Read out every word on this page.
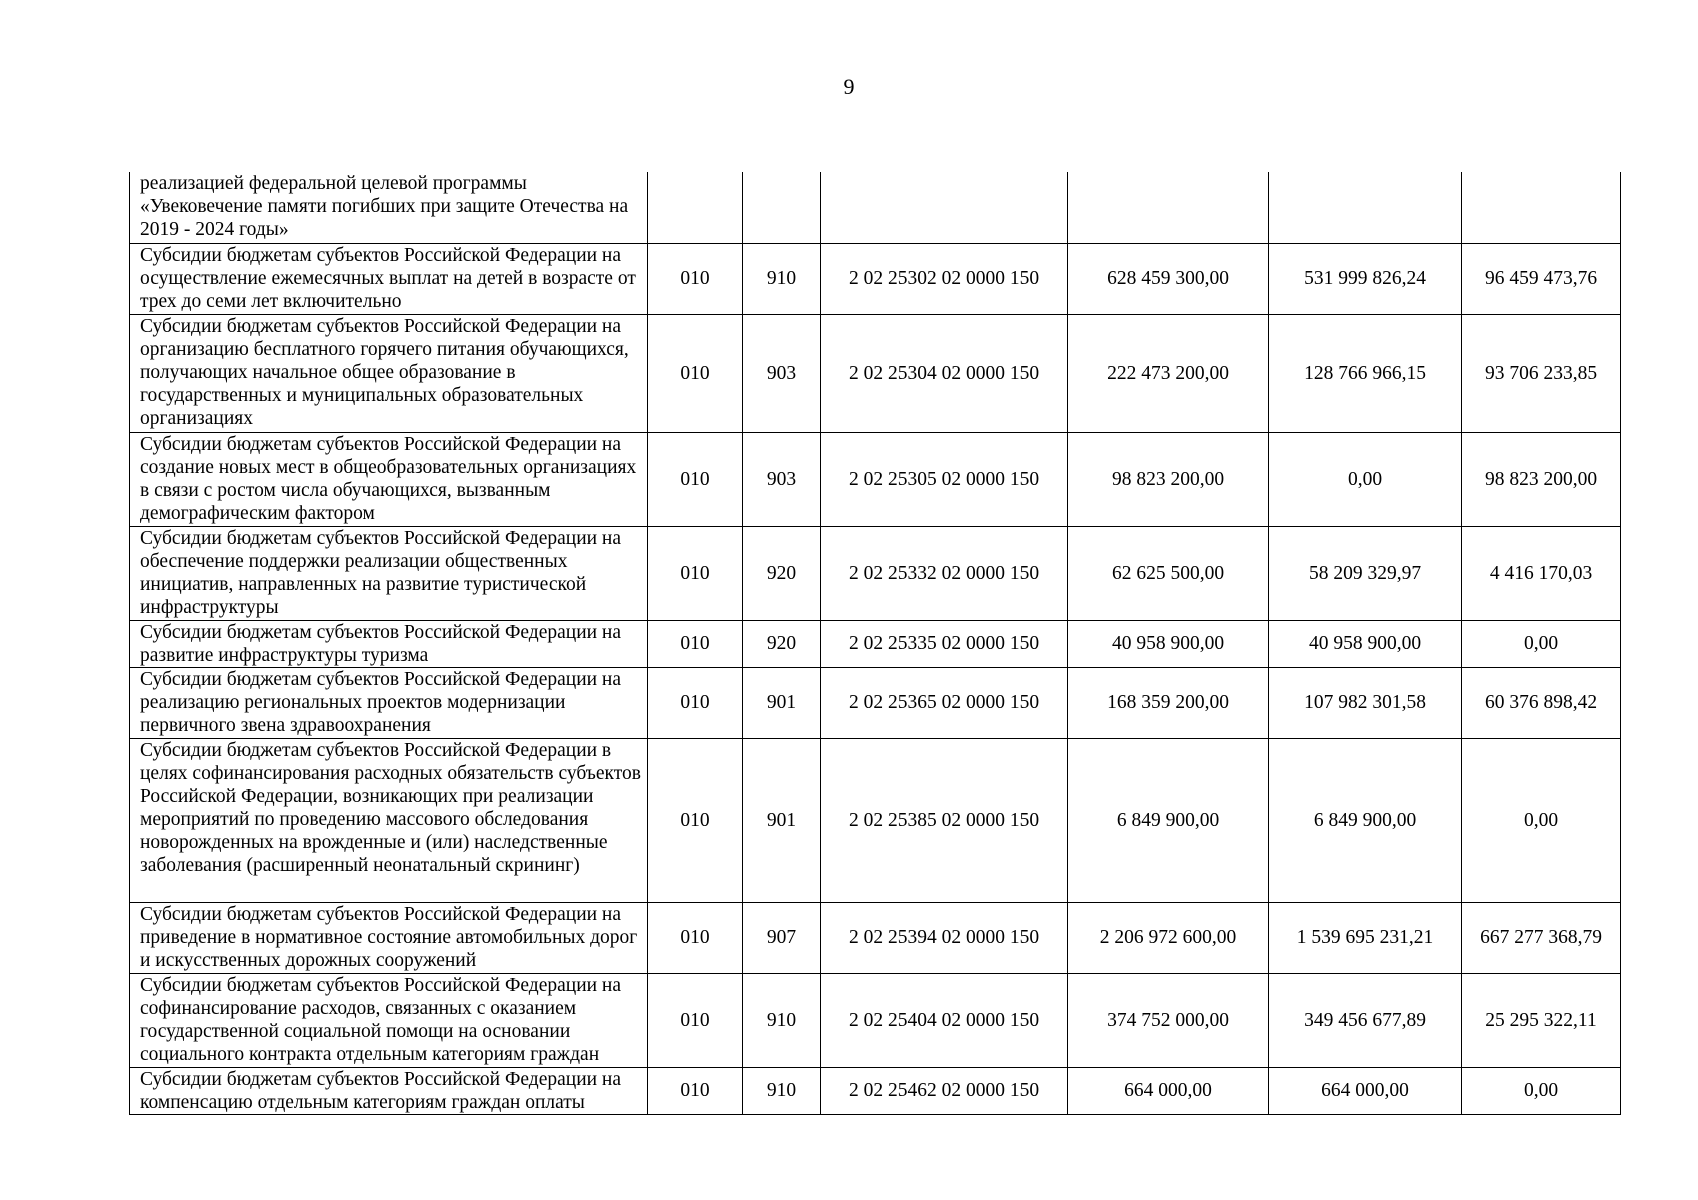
9
реализацией федеральной целевой программы «Увековечение памяти погибших при защите Отечества на 2019 - 2024 годы»						
Субсидии бюджетам субъектов Российской Федерации на осуществление ежемесячных выплат на детей в возрасте от трех до семи лет включительно	010	910	2 02 25302 02 0000 150	628 459 300,00	531 999 826,24	96 459 473,76
Субсидии бюджетам субъектов Российской Федерации на организацию бесплатного горячего питания обучающихся, получающих начальное общее образование в государственных и муниципальных образовательных организациях	010	903	2 02 25304 02 0000 150	222 473 200,00	128 766 966,15	93 706 233,85
Субсидии бюджетам субъектов Российской Федерации на создание новых мест в общеобразовательных организациях в связи с ростом числа обучающихся, вызванным демографическим фактором	010	903	2 02 25305 02 0000 150	98 823 200,00	0,00	98 823 200,00
Субсидии бюджетам субъектов Российской Федерации на обеспечение поддержки реализации общественных инициатив, направленных на развитие туристической инфраструктуры	010	920	2 02 25332 02 0000 150	62 625 500,00	58 209 329,97	4 416 170,03
Субсидии бюджетам субъектов Российской Федерации на развитие инфраструктуры туризма	010	920	2 02 25335 02 0000 150	40 958 900,00	40 958 900,00	0,00
Субсидии бюджетам субъектов Российской Федерации на реализацию региональных проектов модернизации первичного звена здравоохранения	010	901	2 02 25365 02 0000 150	168 359 200,00	107 982 301,58	60 376 898,42
Субсидии бюджетам субъектов Российской Федерации в целях софинансирования расходных обязательств субъектов Российской Федерации, возникающих при реализации мероприятий по проведению массового обследования новорожденных на врожденные и (или) наследственные заболевания (расширенный неонатальный скрининг)	010	901	2 02 25385 02 0000 150	6 849 900,00	6 849 900,00	0,00
Субсидии бюджетам субъектов Российской Федерации на приведение в нормативное состояние автомобильных дорог и искусственных дорожных сооружений	010	907	2 02 25394 02 0000 150	2 206 972 600,00	1 539 695 231,21	667 277 368,79
Субсидии бюджетам субъектов Российской Федерации на софинансирование расходов, связанных с оказанием государственной социальной помощи на основании социального контракта отдельным категориям граждан	010	910	2 02 25404 02 0000 150	374 752 000,00	349 456 677,89	25 295 322,11
Субсидии бюджетам субъектов Российской Федерации на компенсацию отдельным категориям граждан оплаты	010	910	2 02 25462 02 0000 150	664 000,00	664 000,00	0,00
